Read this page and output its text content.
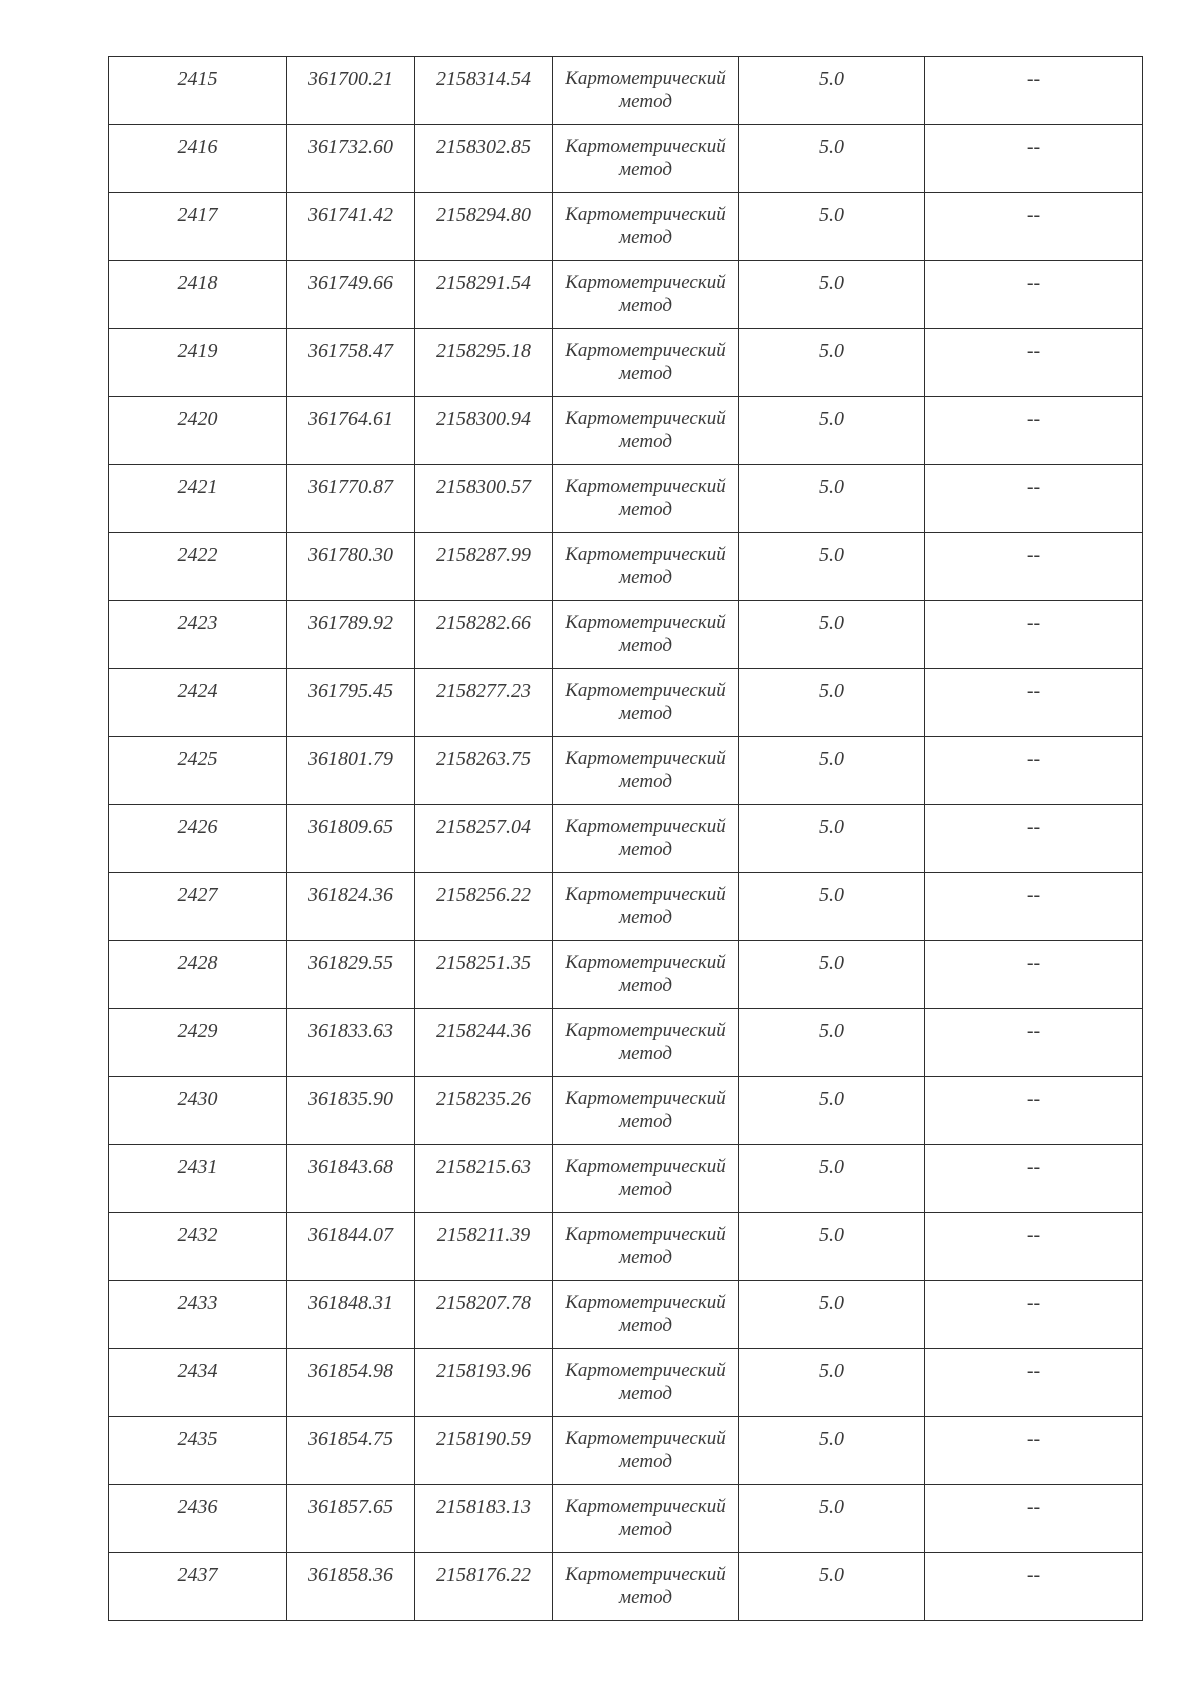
2415	361700.21	2158314.54	Картометрический
метод	5.0	--

2416	361732.60	2158302.85	Картометрический
метод	5.0	--

2417	361741.42	2158294.80	Картометрический
метод	5.0	--

2418	361749.66	2158291.54	Картометрический
метод	5.0	--

2419	361758.47	2158295.18	Картометрический
метод	5.0	--

2420	361764.61	2158300.94	Картометрический
метод	5.0	--

2421	361770.87	2158300.57	Картометрический
метод	5.0	--

2422	361780.30	2158287.99	Картометрический
метод	5.0	--

2423	361789.92	2158282.66	Картометрический
метод	5.0	--

2424	361795.45	2158277.23	Картометрический
метод	5.0	--

2425	361801.79	2158263.75	Картометрический
метод	5.0	--

2426	361809.65	2158257.04	Картометрический
метод	5.0	--

2427	361824.36	2158256.22	Картометрический
метод	5.0	--

2428	361829.55	2158251.35	Картометрический
метод	5.0	--

2429	361833.63	2158244.36	Картометрический
метод	5.0	--

2430	361835.90	2158235.26	Картометрический
метод	5.0	--

2431	361843.68	2158215.63	Картометрический
метод	5.0	--

2432	361844.07	2158211.39	Картометрический
метод	5.0	--

2433	361848.31	2158207.78	Картометрический
метод	5.0	--

2434	361854.98	2158193.96	Картометрический
метод	5.0	--

2435	361854.75	2158190.59	Картометрический
метод	5.0	--

2436	361857.65	2158183.13	Картометрический
метод	5.0	--

2437	361858.36	2158176.22	Картометрический
метод	5.0	--
